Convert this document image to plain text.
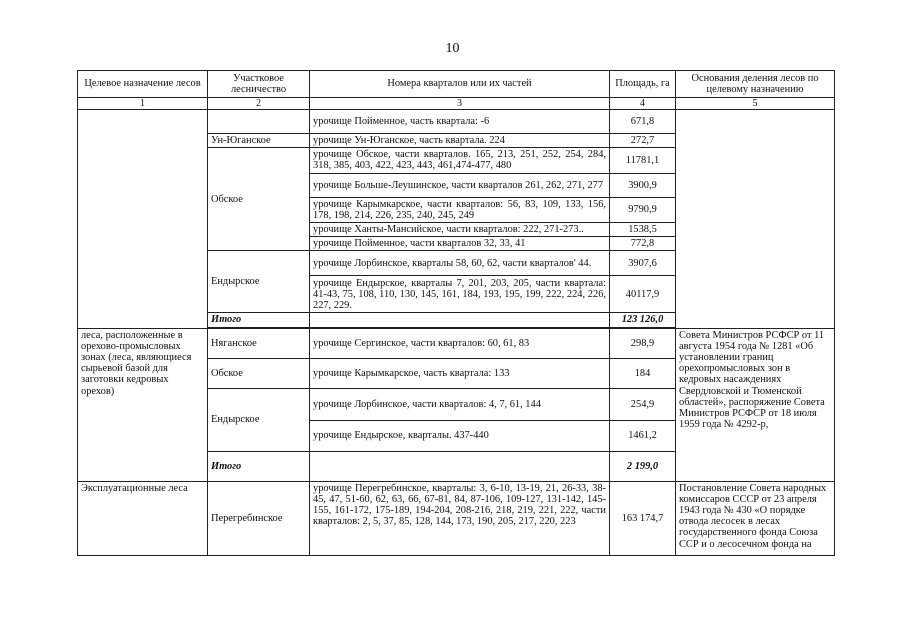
10
Целевое назначение лесов	Участковое лесничество	Номера кварталов или их частей	Площадь, га	Основания деления лесов по целевому назначению
1	2	3	4	5
		урочище Пойменное, часть квартала: -6	671,8	
	Ун-Юганское	урочище Ун-Юганское, часть квартала. 224	272,7	
	Обское	урочище Обское, части кварталов. 165, 213, 251, 252, 254, 284, 318, 385, 403, 422, 423, 443, 461,474-477, 480	11781,1	
		урочище Больше-Леушинское, части кварталов 261, 262, 271, 277	3900,9	
		урочище Карымкарское, части кварталов: 56, 83, 109, 133, 156, 178, 198, 214, 226, 235, 240, 245, 249	9790,9	
		урочище Ханты-Мансийское, части кварталов: 222, 271-273..	1538,5	
		урочище Пойменное, части кварталов 32, 33, 41	772,8	
	Ендырское	урочище Лорбинское, кварталы 58, 60, 62, части кварталов' 44.	3907,6	
		урочище Ендырское, кварталы 7, 201, 203, 205, части квартала: 41-43, 75, 108, 110, 130, 145, 161, 184, 193, 195, 199, 222, 224, 226, 227, 229.	40117,9	
	Итого		123 126,0	

леса, расположенные в орехово-промысловых зонах (леса, являющиеся сырьевой базой для заготовки кедровых орехов)	Няганское	урочище Сергинское, части кварталов: 60, 61, 83	298,9	Совета Министров РСФСР от 11 августа 1954 года № 1281 «Об установлении границ орехопромысловых зон в кедровых насаждениях Свердловской и Тюменской областей», распоряжение Совета Министров РСФСР от 18 июля 1959 года № 4292-р,
	Обское	урочище Карымкарское, часть квартала: 133	184	
	Ендырское	урочище Лорбинское, части кварталов: 4, 7, 61, 144	254,9	
		урочище Ендырское, кварталы. 437-440	1461,2	
	Итого		2 199,0	
Эксплуатационные леса	Перегребинское	урочище Перегребинское, кварталы: 3, 6-10, 13-19, 21, 26-33, 38-45, 47, 51-60, 62, 63, 66, 67-81, 84, 87-106, 109-127, 131-142, 145-155, 161-172, 175-189, 194-204, 208-216, 218, 219, 221, 222, части кварталов: 2, 5, 37, 85, 128, 144, 173, 190, 205, 217, 220, 223	163 174,7	Постановление Совета народных комиссаров СССР от 23 апреля 1943 года № 430 «О порядке отвода лесосек в лесах государственного фонда Союза ССР и о лесосечном фонда на
